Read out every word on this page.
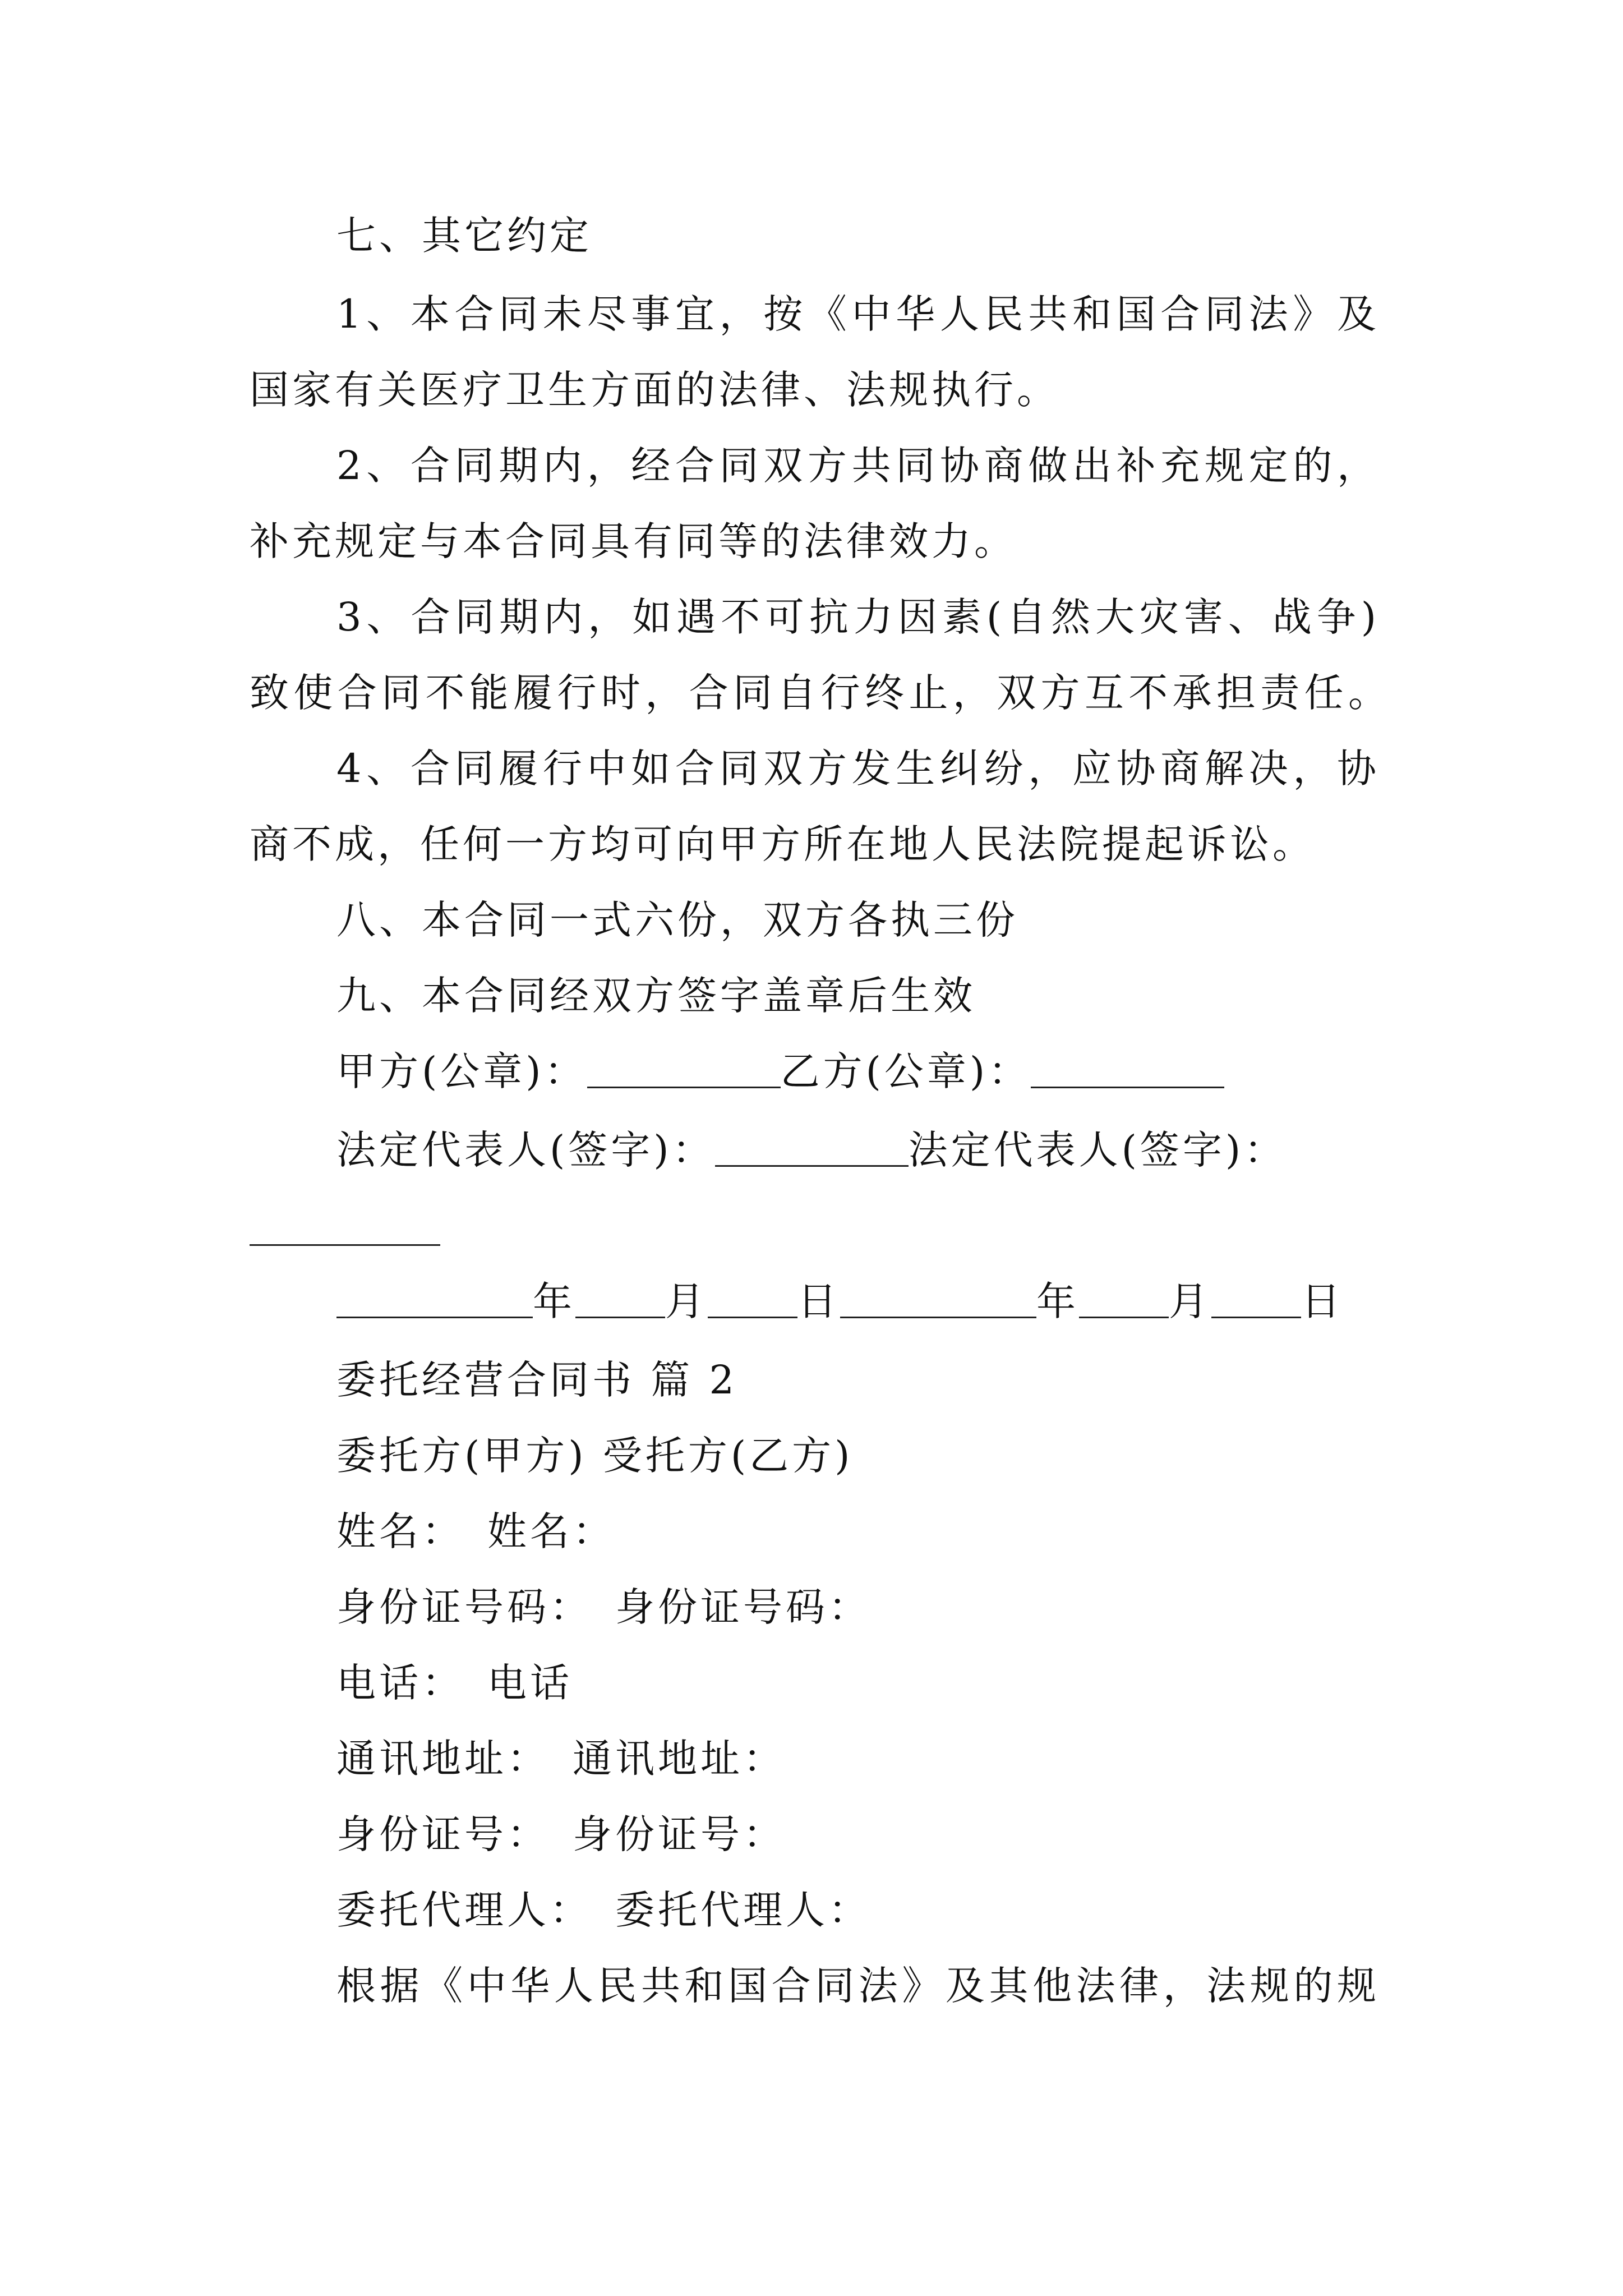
七、其它约定
1、本合同未尽事宜，按《中华人民共和国合同法》及
国家有关医疗卫生方面的法律、法规执行。
2、合同期内，经合同双方共同协商做出补充规定的，
补充规定与本合同具有同等的法律效力。
3、合同期内，如遇不可抗力因素(自然大灾害、战争)
致使合同不能履行时，合同自行终止，双方互不承担责任。
4、合同履行中如合同双方发生纠纷，应协商解决，协
商不成，任何一方均可向甲方所在地人民法院提起诉讼。
八、本合同一式六份，双方各执三份
九、本合同经双方签字盖章后生效
甲方(公章)：	乙方(公章)：
法定代表人(签字)：	法定代表人(签字)：
年 月 日	年 月 日
委托经营合同书 篇 2
委托方(甲方) 受托方(乙方)
姓名：　姓名：
身份证号码：　身份证号码：
电话：　电话
通讯地址：　通讯地址：
身份证号：　身份证号：
委托代理人：　委托代理人：
根据《中华人民共和国合同法》及其他法律，法规的规
